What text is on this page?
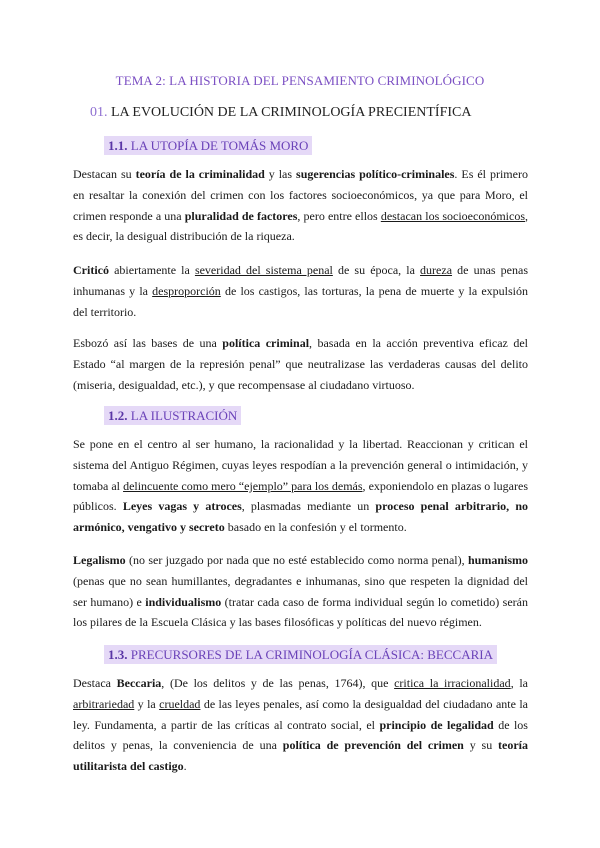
TEMA 2: LA HISTORIA DEL PENSAMIENTO CRIMINOLÓGICO
01. LA EVOLUCIÓN DE LA CRIMINOLOGÍA PRECIENTÍFICA
1.1. LA UTOPÍA DE TOMÁS MORO
Destacan su teoría de la criminalidad y las sugerencias político-criminales. Es él primero en resaltar la conexión del crimen con los factores socioeconómicos, ya que para Moro, el crimen responde a una pluralidad de factores, pero entre ellos destacan los socioeconómicos, es decir, la desigual distribución de la riqueza.
Criticó abiertamente la severidad del sistema penal de su época, la dureza de unas penas inhumanas y la desproporción de los castigos, las torturas, la pena de muerte y la expulsión del territorio.
Esbozó así las bases de una política criminal, basada en la acción preventiva eficaz del Estado “al margen de la represión penal” que neutralizase las verdaderas causas del delito (miseria, desigualdad, etc.), y que recompensase al ciudadano virtuoso.
1.2. LA ILUSTRACIÓN
Se pone en el centro al ser humano, la racionalidad y la libertad. Reaccionan y critican el sistema del Antiguo Régimen, cuyas leyes respodían a la prevención general o intimidación, y tomaba al delincuente como mero “ejemplo” para los demás, exponiendolo en plazas o lugares públicos. Leyes vagas y atroces, plasmadas mediante un proceso penal arbitrario, no armónico, vengativo y secreto basado en la confesión y el tormento.
Legalismo (no ser juzgado por nada que no esté establecido como norma penal), humanismo (penas que no sean humillantes, degradantes e inhumanas, sino que respeten la dignidad del ser humano) e individualismo (tratar cada caso de forma individual según lo cometido) serán los pilares de la Escuela Clásica y las bases filosóficas y políticas del nuevo régimen.
1.3. PRECURSORES DE LA CRIMINOLOGÍA CLÁSICA: BECCARIA
Destaca Beccaria, (De los delitos y de las penas, 1764), que critica la irracionalidad, la arbitrariedad y la crueldad de las leyes penales, así como la desigualdad del ciudadano ante la ley. Fundamenta, a partir de las críticas al contrato social, el principio de legalidad de los delitos y penas, la conveniencia de una política de prevención del crimen y su teoría utilitarista del castigo.
